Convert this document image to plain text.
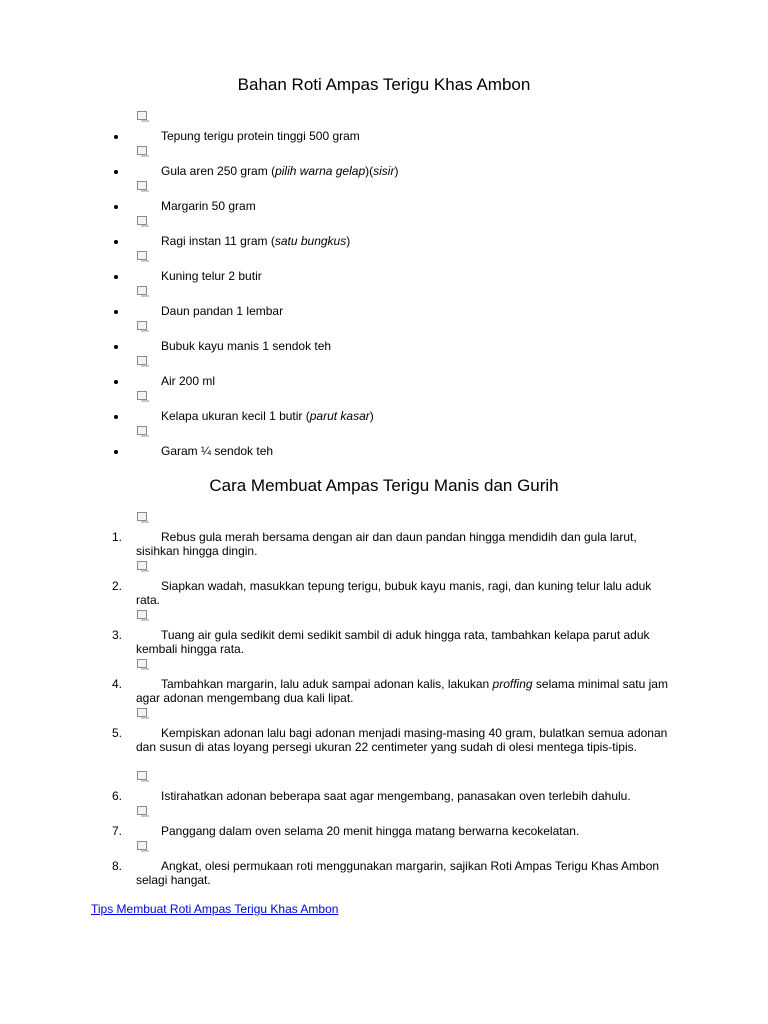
Bahan Roti Ampas Terigu Khas Ambon
Tepung terigu protein tinggi 500 gram
Gula aren 250 gram (pilih warna gelap)(sisir)
Margarin 50 gram
Ragi instan 11 gram (satu bungkus)
Kuning telur 2 butir
Daun pandan 1 lembar
Bubuk kayu manis 1 sendok teh
Air 200 ml
Kelapa ukuran kecil 1 butir (parut kasar)
Garam ¼ sendok teh
Cara Membuat Ampas Terigu Manis dan Gurih
1.	Rebus gula merah bersama dengan air dan daun pandan hingga mendidih dan gula larut, sisihkan hingga dingin.
2.	Siapkan wadah, masukkan tepung terigu, bubuk kayu manis, ragi, dan kuning telur lalu aduk rata.
3.	Tuang air gula sedikit demi sedikit sambil di aduk hingga rata, tambahkan kelapa parut aduk kembali hingga rata.
4.	Tambahkan margarin, lalu aduk sampai adonan kalis, lakukan proffing selama minimal satu jam agar adonan mengembang dua kali lipat.
5.	Kempiskan adonan lalu bagi adonan menjadi masing-masing 40 gram, bulatkan semua adonan dan susun di atas loyang persegi ukuran 22 centimeter yang sudah di olesi mentega tipis-tipis.
6.	Istirahatkan adonan beberapa saat agar mengembang, panasakan oven terlebih dahulu.
7.	Panggang dalam oven selama 20 menit hingga matang berwarna kecokelatan.
8.	Angkat, olesi permukaan roti menggunakan margarin, sajikan Roti Ampas Terigu Khas Ambon selagi hangat.
Tips Membuat Roti Ampas Terigu Khas Ambon
